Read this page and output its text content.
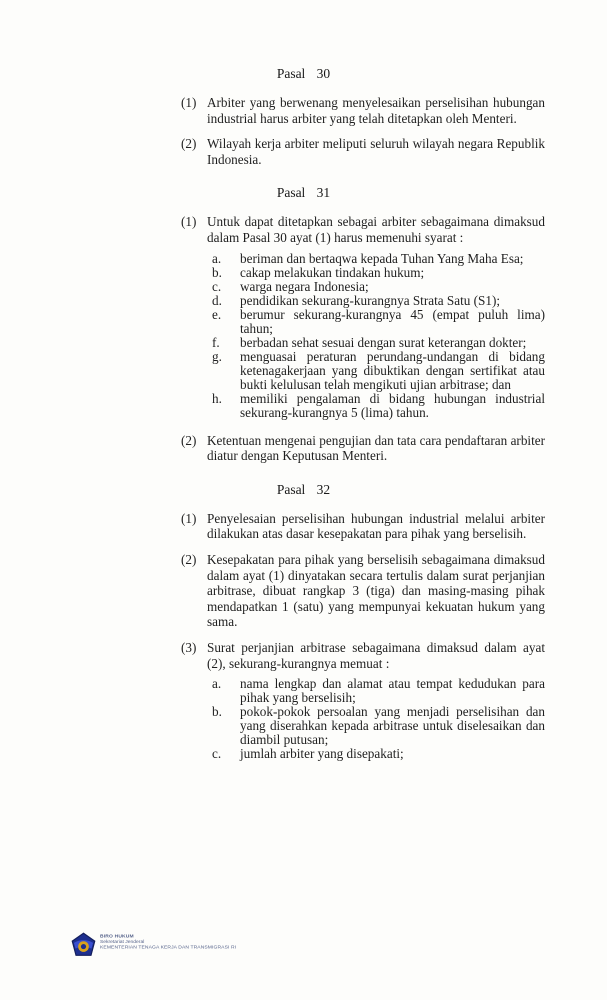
Pasal 30
(1) Arbiter yang berwenang menyelesaikan perselisihan hubungan industrial harus arbiter yang telah ditetapkan oleh Menteri.
(2) Wilayah kerja arbiter meliputi seluruh wilayah negara Republik Indonesia.
Pasal 31
(1) Untuk dapat ditetapkan sebagai arbiter sebagaimana dimaksud dalam Pasal 30 ayat (1) harus memenuhi syarat :
a.	beriman dan bertaqwa kepada Tuhan Yang Maha Esa;
b.	cakap melakukan tindakan hukum;
c.	warga negara Indonesia;
d.	pendidikan sekurang-kurangnya Strata Satu (S1);
e.	berumur sekurang-kurangnya 45 (empat puluh lima) tahun;
f.	berbadan sehat sesuai dengan surat keterangan dokter;
g.	menguasai peraturan perundang-undangan di bidang ketenagakerjaan yang dibuktikan dengan sertifikat atau bukti kelulusan telah mengikuti ujian arbitrase; dan
h.	memiliki pengalaman di bidang hubungan industrial sekurang-kurangnya 5 (lima) tahun.
(2) Ketentuan mengenai pengujian dan tata cara pendaftaran arbiter diatur dengan Keputusan Menteri.
Pasal 32
(1) Penyelesaian perselisihan hubungan industrial melalui arbiter dilakukan atas dasar kesepakatan para pihak yang berselisih.
(2) Kesepakatan para pihak yang berselisih sebagaimana dimaksud dalam ayat (1) dinyatakan secara tertulis dalam surat perjanjian arbitrase, dibuat rangkap 3 (tiga) dan masing-masing pihak mendapatkan 1 (satu) yang mempunyai kekuatan hukum yang sama.
(3) Surat perjanjian arbitrase sebagaimana dimaksud dalam ayat (2), sekurang-kurangnya memuat :
a.	nama lengkap dan alamat atau tempat kedudukan para pihak yang berselisih;
b.	pokok-pokok persoalan yang menjadi perselisihan dan yang diserahkan kepada arbitrase untuk diselesaikan dan diambil putusan;
c.	jumlah arbiter yang disepakati;
BIRO HUKUM
Sekretariat Jenderal
KEMENTERIAN TENAGA KERJA DAN TRANSMIGRASI RI
